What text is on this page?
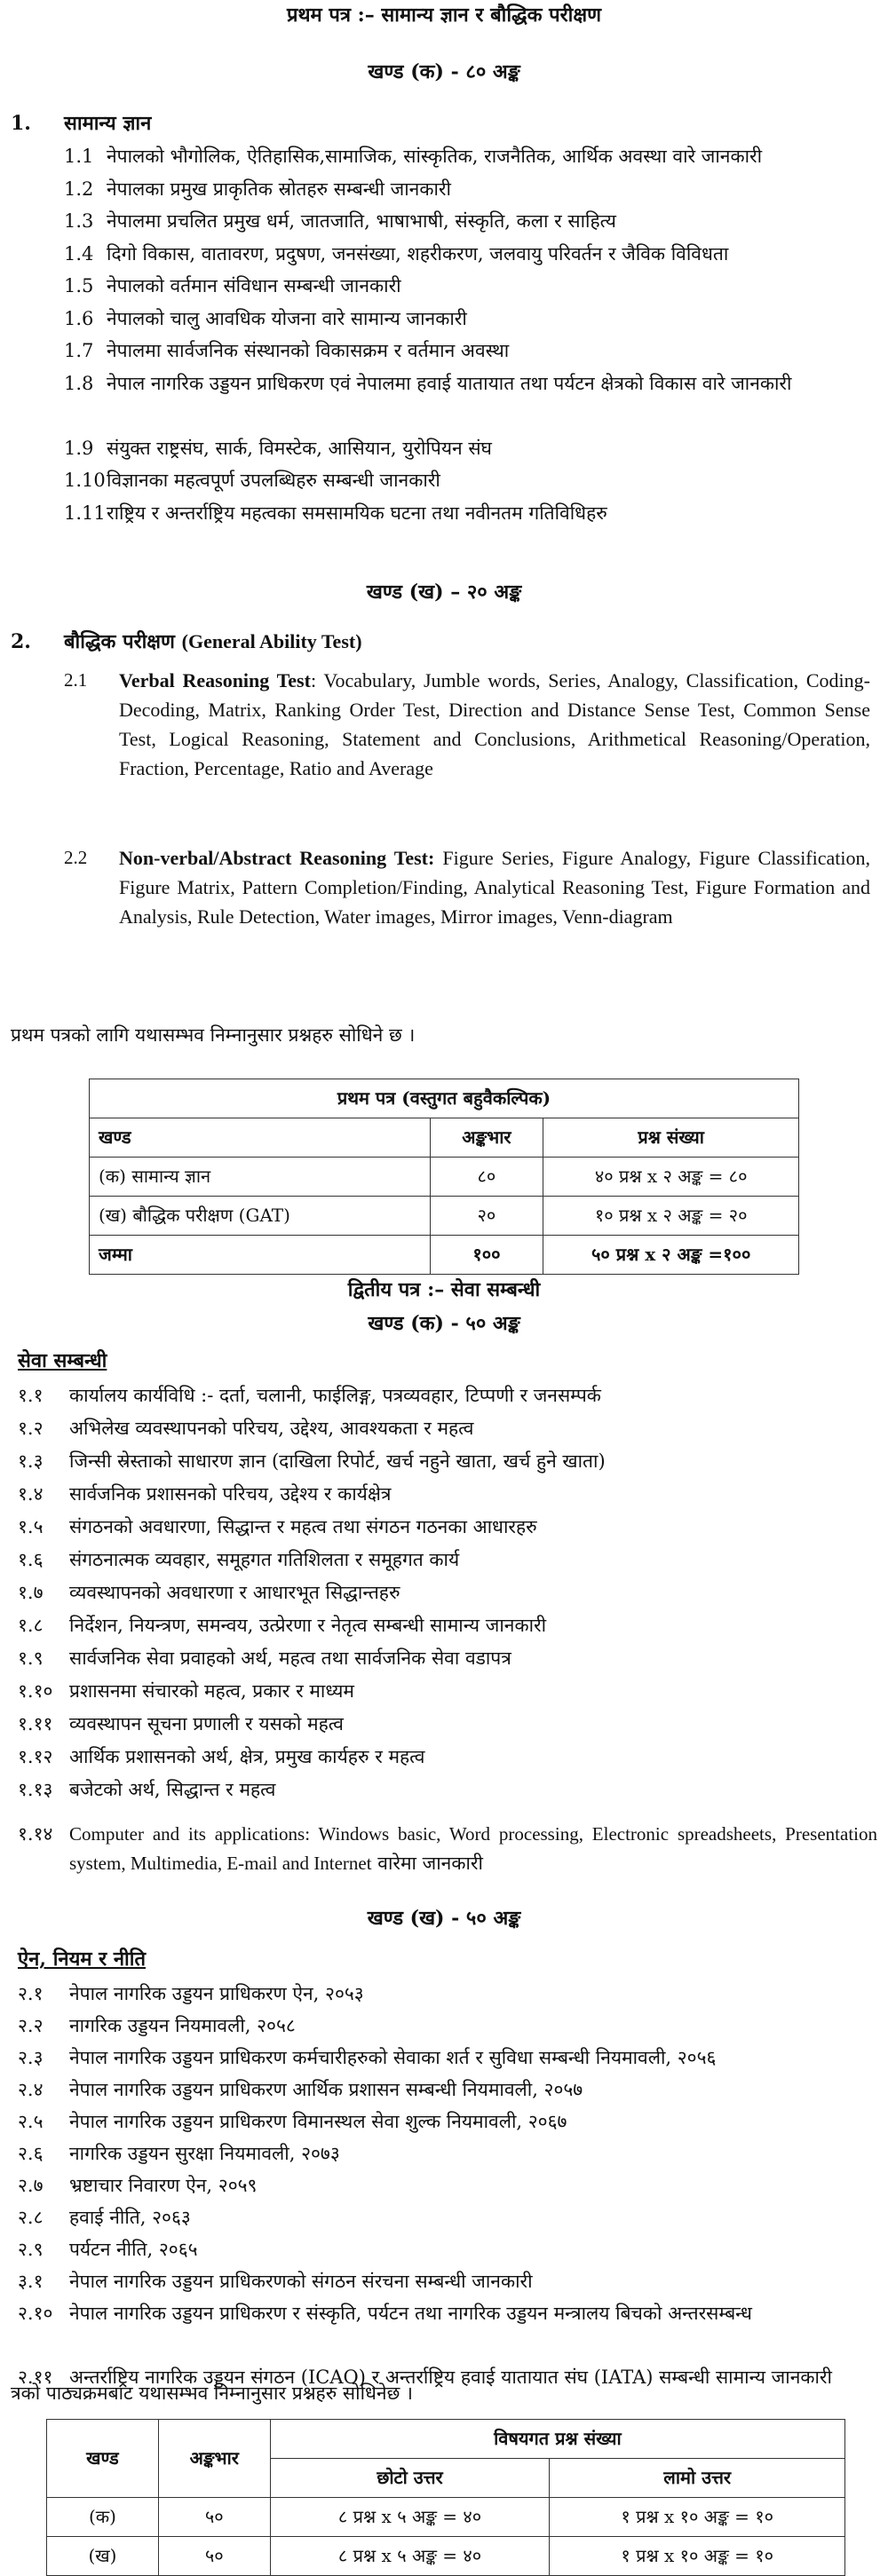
प्रथम पत्र :– सामान्य ज्ञान र बौद्धिक परीक्षण
खण्ड (क) - ८० अङ्क
1. सामान्य ज्ञान
1.1 नेपालको भौगोलिक, ऐतिहासिक,सामाजिक, सांस्कृतिक, राजनैतिक, आर्थिक अवस्था वारे जानकारी
1.2 नेपालका प्रमुख प्राकृतिक स्रोतहरु सम्बन्धी जानकारी
1.3 नेपालमा प्रचलित प्रमुख धर्म, जातजाति, भाषाभाषी, संस्कृति, कला र साहित्य
1.4 दिगो विकास, वातावरण, प्रदुषण, जनसंख्या, शहरीकरण, जलवायु परिवर्तन र जैविक विविधता
1.5 नेपालको वर्तमान संविधान सम्बन्धी जानकारी
1.6 नेपालको चालु आवधिक योजना वारे सामान्य जानकारी
1.7 नेपालमा सार्वजनिक संस्थानको विकासक्रम र वर्तमान अवस्था
1.8 नेपाल नागरिक उड्डयन प्राधिकरण एवं नेपालमा हवाई यातायात तथा पर्यटन क्षेत्रको विकास वारे जानकारी
1.9 संयुक्त राष्ट्रसंघ, सार्क, विमस्टेक, आसियान, युरोपियन संघ
1.10 विज्ञानका महत्वपूर्ण उपलब्धिहरु सम्बन्धी जानकारी
1.11 राष्ट्रिय र अन्तर्राष्ट्रिय महत्वका समसामयिक घटना तथा नवीनतम गतिविधिहरु
खण्ड (ख) – २० अङ्क
2. बौद्धिक परीक्षण (General Ability Test)
2.1 Verbal Reasoning Test: Vocabulary, Jumble words, Series, Analogy, Classification, Coding-Decoding, Matrix, Ranking Order Test, Direction and Distance Sense Test, Common Sense Test, Logical Reasoning, Statement and Conclusions, Arithmetical Reasoning/Operation, Fraction, Percentage, Ratio and Average
2.2 Non-verbal/Abstract Reasoning Test: Figure Series, Figure Analogy, Figure Classification, Figure Matrix, Pattern Completion/Finding, Analytical Reasoning Test, Figure Formation and Analysis, Rule Detection, Water images, Mirror images, Venn-diagram
प्रथम पत्रको लागि यथासम्भव निम्नानुसार प्रश्नहरु सोधिने छ ।
प्रथम पत्र (वस्तुगत बहुवैकल्पिक)		
खण्ड	अङ्कभार	प्रश्न संख्या
(क) सामान्य ज्ञान	८०	४० प्रश्न x २ अङ्क = ८०
(ख) बौद्धिक परीक्षण (GAT)	२०	१० प्रश्न x २ अङ्क = २०
जम्मा	१००	५० प्रश्न x २ अङ्क =१००
द्वितीय पत्र :– सेवा सम्बन्धी
खण्ड (क) - ५० अङ्क
सेवा सम्बन्धी
१.१ कार्यालय कार्यविधि :- दर्ता, चलानी, फाईलिङ्ग, पत्रव्यवहार, टिप्पणी र जनसम्पर्क
१.२ अभिलेख व्यवस्थापनको परिचय, उद्देश्य, आवश्यकता र महत्व
१.३ जिन्सी स्रेस्ताको साधारण ज्ञान (दाखिला रिपोर्ट, खर्च नहुने खाता, खर्च हुने खाता)
१.४ सार्वजनिक प्रशासनको परिचय, उद्देश्य र कार्यक्षेत्र
१.५ संगठनको अवधारणा, सिद्धान्त र महत्व तथा संगठन गठनका आधारहरु
१.६ संगठनात्मक व्यवहार, समूहगत गतिशिलता र समूहगत कार्य
१.७ व्यवस्थापनको अवधारणा र आधारभूत सिद्धान्तहरु
१.८ निर्देशन, नियन्त्रण, समन्वय, उत्प्रेरणा र नेतृत्व सम्बन्धी सामान्य जानकारी
१.९ सार्वजनिक सेवा प्रवाहको अर्थ, महत्व तथा सार्वजनिक सेवा वडापत्र
१.१० प्रशासनमा संचारको महत्व, प्रकार र माध्यम
१.११ व्यवस्थापन सूचना प्रणाली र यसको महत्व
१.१२ आर्थिक प्रशासनको अर्थ, क्षेत्र, प्रमुख कार्यहरु र महत्व
१.१३ बजेटको अर्थ, सिद्धान्त र महत्व
१.१४ Computer and its applications: Windows basic, Word processing, Electronic spreadsheets, Presentation system, Multimedia, E-mail and Internet वारेमा जानकारी
खण्ड (ख) - ५० अङ्क
ऐन, नियम र नीति
२.१ नेपाल नागरिक उड्डयन प्राधिकरण ऐन, २०५३
२.२ नागरिक उड्डयन नियमावली, २०५८
२.३ नेपाल नागरिक उड्डयन प्राधिकरण कर्मचारीहरुको सेवाका शर्त र सुविधा सम्बन्धी नियमावली, २०५६
२.४ नेपाल नागरिक उड्डयन प्राधिकरण आर्थिक प्रशासन सम्बन्धी नियमावली, २०५७
२.५ नेपाल नागरिक उड्डयन प्राधिकरण विमानस्थल सेवा शुल्क नियमावली, २०६७
२.६ नागरिक उड्डयन सुरक्षा नियमावली, २०७३
२.७ भ्रष्टाचार निवारण ऐन, २०५९
२.८ हवाई नीति, २०६३
२.९ पर्यटन नीति, २०६५
३.१ नेपाल नागरिक उड्डयन प्राधिकरणको संगठन संरचना सम्बन्धी जानकारी
२.१० नेपाल नागरिक उड्डयन प्राधिकरण र संस्कृति, पर्यटन तथा नागरिक उड्डयन मन्त्रालय बिचको अन्तरसम्बन्ध
२.११ अन्तर्राष्ट्रिय नागरिक उड्डयन संगठन (ICAO) र अन्तर्राष्ट्रिय हवाई यातायात संघ (IATA) सम्बन्धी सामान्य जानकारी
त्रको पाठ्यक्रमबाट यथासम्भव निम्नानुसार प्रश्नहरु सोधिनेछ ।
खण्ड	अङ्कभार	विषयगत प्रश्न संख्या	
		छोटो उत्तर	लामो उत्तर
(क)	५०	८ प्रश्न x ५ अङ्क = ४०	१ प्रश्न x १० अङ्क = १०
(ख)	५०	८ प्रश्न x ५ अङ्क = ४०	१ प्रश्न x १० अङ्क = १०
